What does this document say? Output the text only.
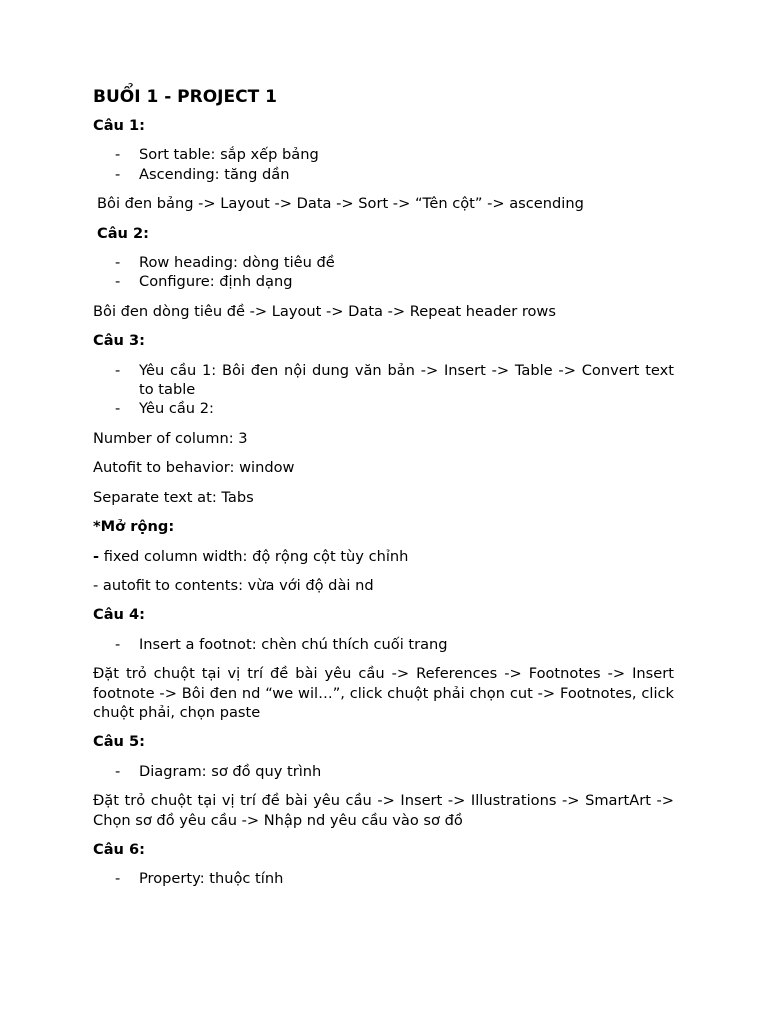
BUỔI 1 - PROJECT 1
Câu 1:
- Sort table: sắp xếp bảng
- Ascending: tăng dần
Bôi đen bảng -> Layout -> Data -> Sort -> “Tên cột” -> ascending
Câu 2:
- Row heading: dòng tiêu đề
- Configure: định dạng
Bôi đen dòng tiêu đề -> Layout -> Data -> Repeat header rows
Câu 3:
- Yêu cầu 1: Bôi đen nội dung văn bản -> Insert -> Table -> Convert text to table
- Yêu cầu 2:
Number of column: 3
Autofit to behavior: window
Separate text at: Tabs
*Mở rộng:
- fixed column width: độ rộng cột tùy chỉnh
- autofit to contents: vừa với độ dài nd
Câu 4:
- Insert a footnot: chèn chú thích cuối trang
Đặt trỏ chuột tại vị trí đề bài yêu cầu -> References -> Footnotes -> Insert footnote -> Bôi đen nd “we wil…”, click chuột phải chọn cut -> Footnotes, click chuột phải, chọn paste
Câu 5:
- Diagram: sơ đồ quy trình
Đặt trỏ chuột tại vị trí đề bài yêu cầu -> Insert -> Illustrations -> SmartArt -> Chọn sơ đồ yêu cầu -> Nhập nd yêu cầu vào sơ đồ
Câu 6:
- Property: thuộc tính
